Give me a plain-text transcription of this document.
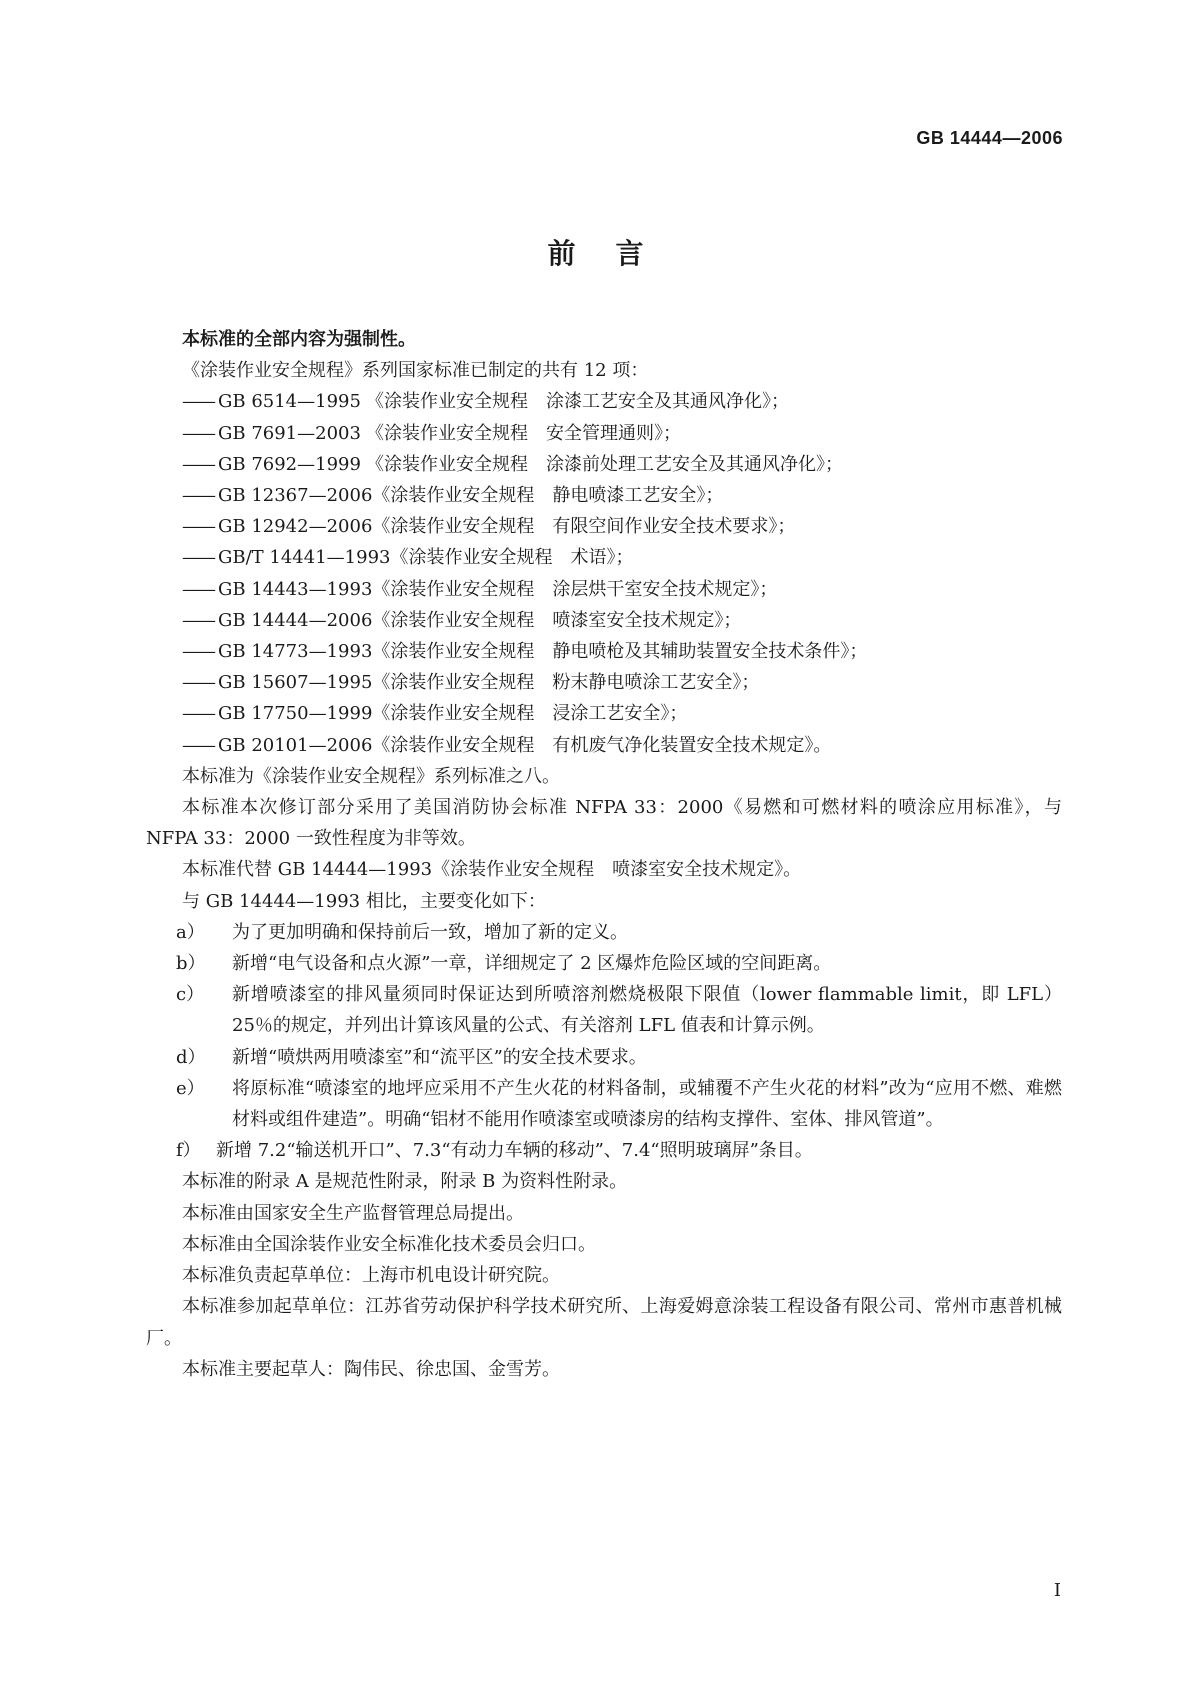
GB 14444—2006
前言

本标准的全部内容为强制性。

《涂装作业安全规程》系列国家标准已制定的共有 12 项：

—— GB 6514—1995 《涂装作业安全规程　涂漆工艺安全及其通风净化》；

—— GB 7691—2003 《涂装作业安全规程　安全管理通则》；

—— GB 7692—1999 《涂装作业安全规程　涂漆前处理工艺安全及其通风净化》；

—— GB 12367—2006《涂装作业安全规程　静电喷漆工艺安全》；

—— GB 12942—2006《涂装作业安全规程　有限空间作业安全技术要求》；

—— GB/T 14441—1993《涂装作业安全规程　术语》；

—— GB 14443—1993《涂装作业安全规程　涂层烘干室安全技术规定》；

—— GB 14444—2006《涂装作业安全规程　喷漆室安全技术规定》；

—— GB 14773—1993《涂装作业安全规程　静电喷枪及其辅助装置安全技术条件》；

—— GB 15607—1995《涂装作业安全规程　粉末静电喷涂工艺安全》；

—— GB 17750—1999《涂装作业安全规程　浸涂工艺安全》；

—— GB 20101—2006《涂装作业安全规程　有机废气净化装置安全技术规定》。

本标准为《涂装作业安全规程》系列标准之八。

本标准本次修订部分采用了美国消防协会标准 NFPA 33：2000《易燃和可燃材料的喷涂应用标准》，与 NFPA 33：2000 一致性程度为非等效。

本标准代替 GB 14444—1993《涂装作业安全规程　喷漆室安全技术规定》。

与 GB 14444—1993 相比，主要变化如下：

a） 为了更加明确和保持前后一致，增加了新的定义。

b） 新增“电气设备和点火源”一章，详细规定了 2 区爆炸危险区域的空间距离。

c） 新增喷漆室的排风量须同时保证达到所喷溶剂燃烧极限下限值（lower flammable limit，即 LFL）25％的规定，并列出计算该风量的公式、有关溶剂 LFL 值表和计算示例。

d） 新增“喷烘两用喷漆室”和“流平区”的安全技术要求。

e） 将原标准“喷漆室的地坪应采用不产生火花的材料备制，或辅覆不产生火花的材料”改为“应用不燃、难燃材料或组件建造”。明确“铝材不能用作喷漆室或喷漆房的结构支撑件、室体、排风管道”。

f） 新增 7.2“输送机开口”、7.3“有动力车辆的移动”、7.4“照明玻璃屏”条目。

本标准的附录 A 是规范性附录，附录 B 为资料性附录。

本标准由国家安全生产监督管理总局提出。

本标准由全国涂装作业安全标准化技术委员会归口。

本标准负责起草单位：上海市机电设计研究院。

本标准参加起草单位：江苏省劳动保护科学技术研究所、上海爱姆意涂装工程设备有限公司、常州市惠普机械厂。

本标准主要起草人：陶伟民、徐忠国、金雪芳。

I
